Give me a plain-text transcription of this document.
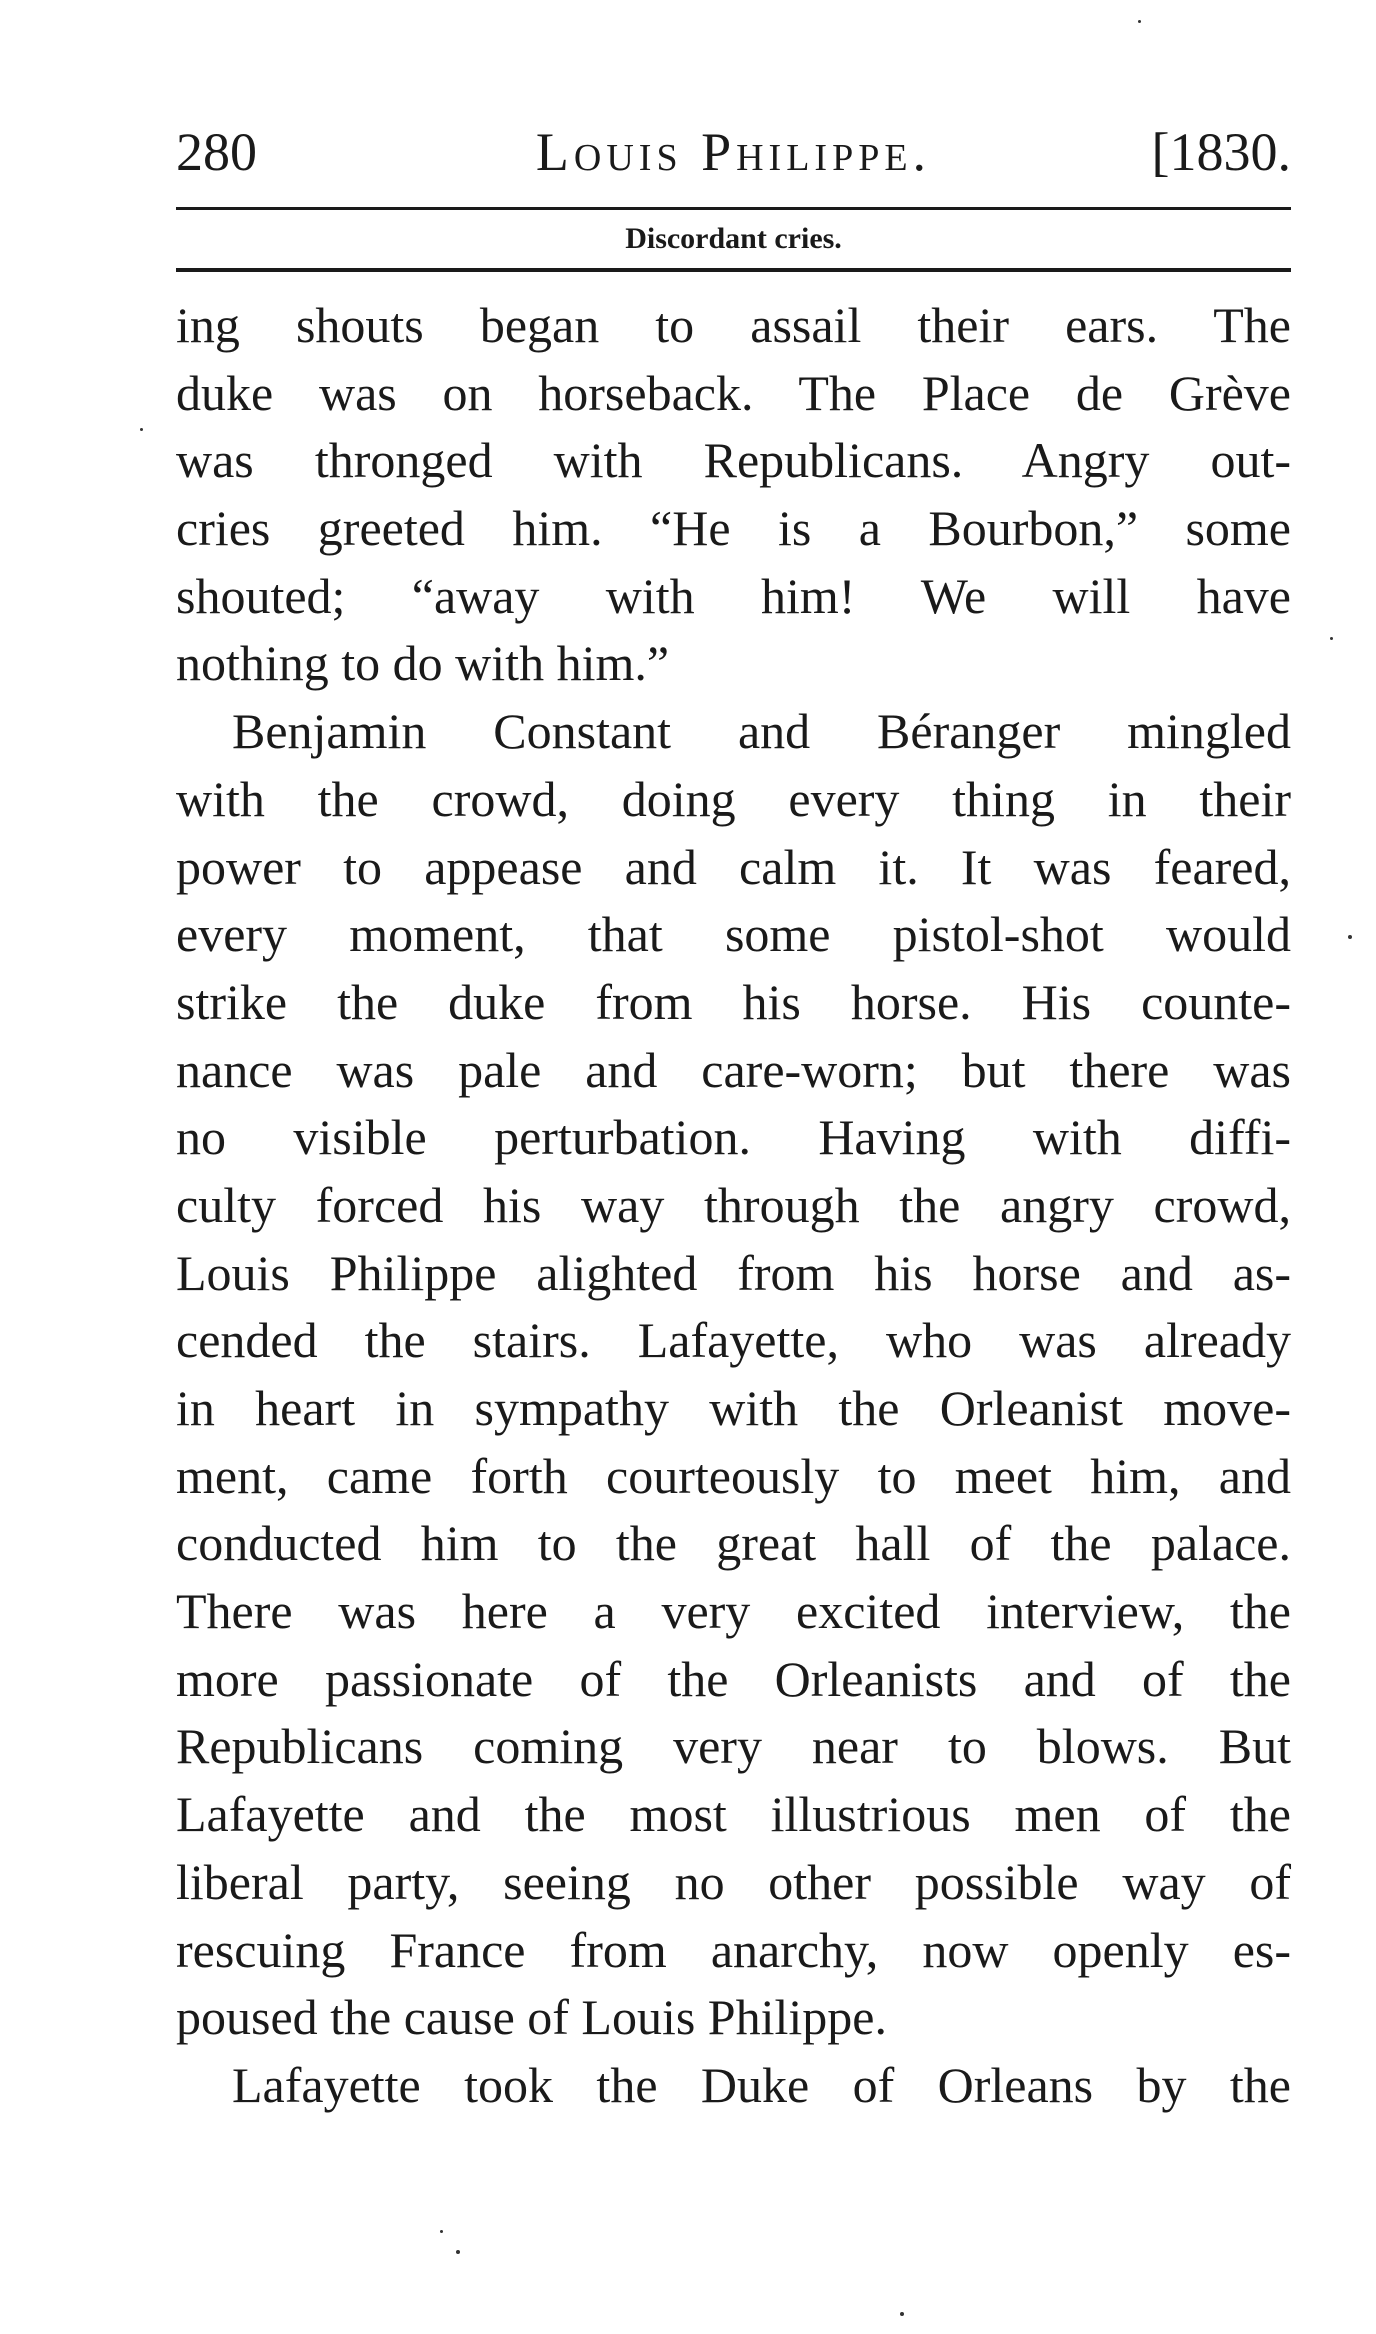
280	Louis Philippe.	[1830.
Discordant cries.
ing shouts began to assail their ears. The
duke was on horseback. The Place de Grève
was thronged with Republicans. Angry out-
cries greeted him. “He is a Bourbon,” some
shouted; “away with him! We will have
nothing to do with him.”
Benjamin Constant and Béranger mingled
with the crowd, doing every thing in their
power to appease and calm it. It was feared,
every moment, that some pistol-shot would
strike the duke from his horse. His counte-
nance was pale and care-worn; but there was
no visible perturbation. Having with diffi-
culty forced his way through the angry crowd,
Louis Philippe alighted from his horse and as-
cended the stairs. Lafayette, who was already
in heart in sympathy with the Orleanist move-
ment, came forth courteously to meet him, and
conducted him to the great hall of the palace.
There was here a very excited interview, the
more passionate of the Orleanists and of the
Republicans coming very near to blows. But
Lafayette and the most illustrious men of the
liberal party, seeing no other possible way of
rescuing France from anarchy, now openly es-
poused the cause of Louis Philippe.
Lafayette took the Duke of Orleans by the
